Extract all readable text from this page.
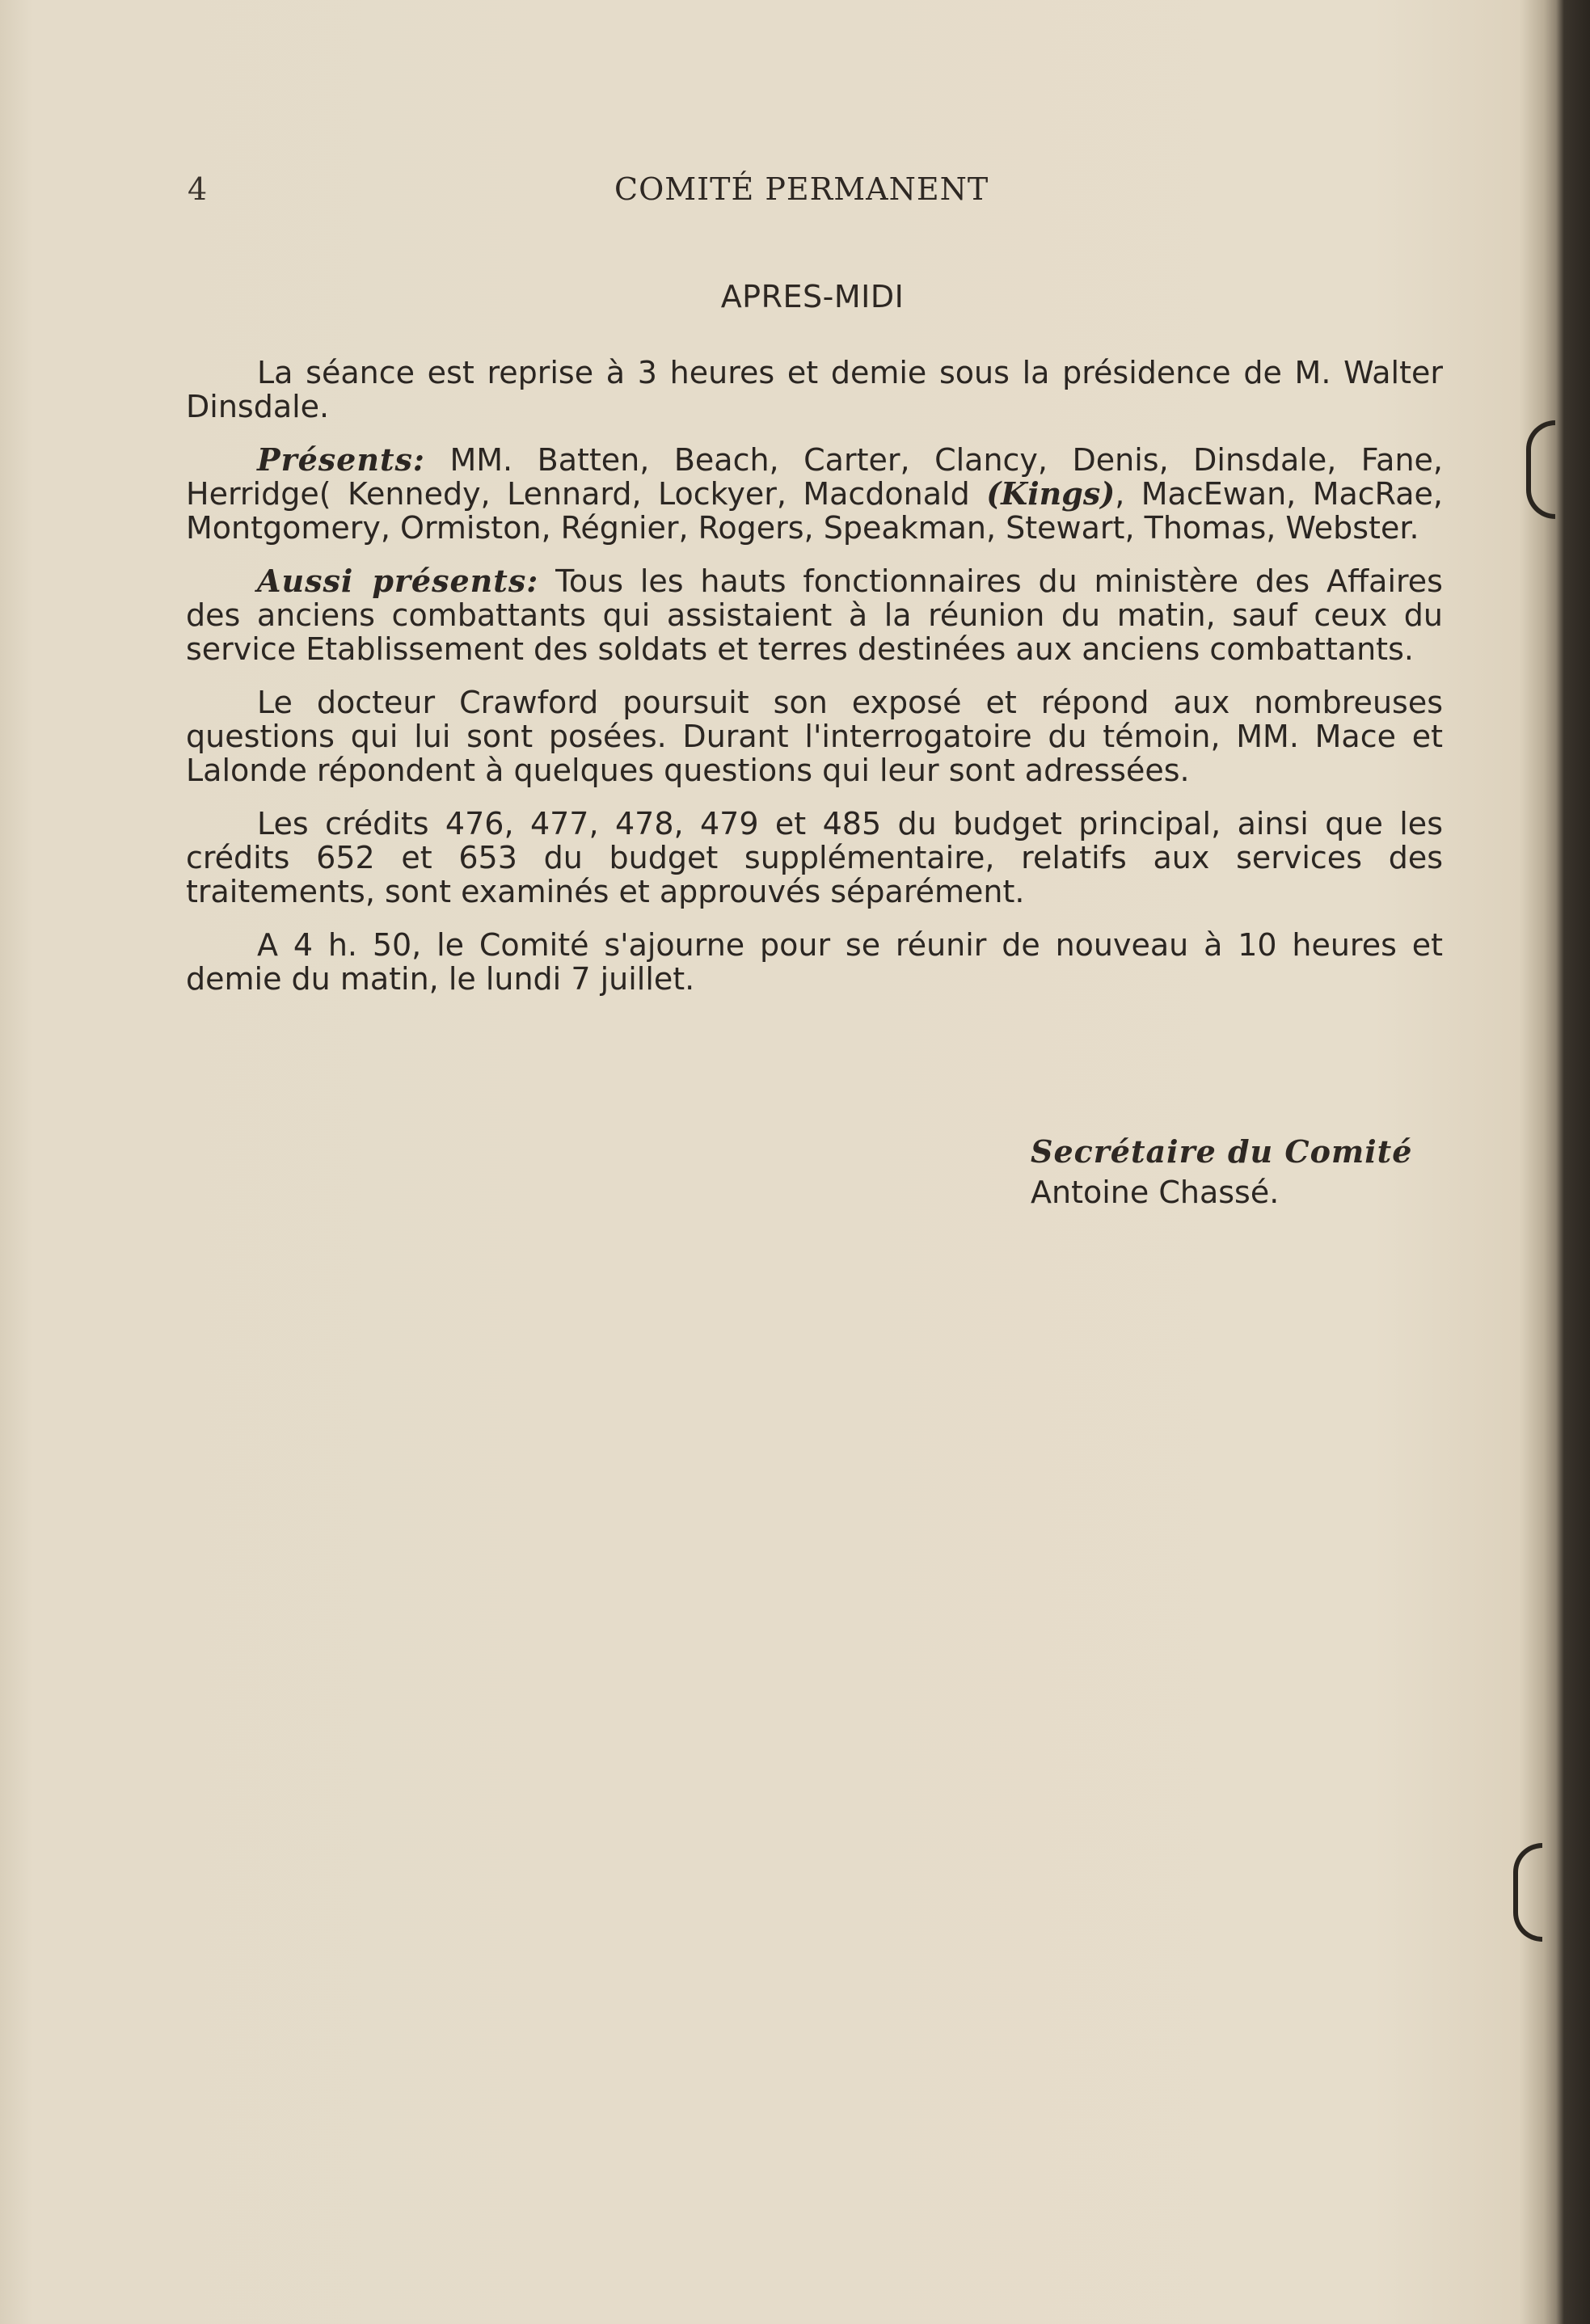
4	COMITÉ PERMANENT
APRES-MIDI

La séance est reprise à 3 heures et demie sous la présidence de M. Walter Dinsdale.

Présents: MM. Batten, Beach, Carter, Clancy, Denis, Dinsdale, Fane, Herridge( Kennedy, Lennard, Lockyer, Macdonald (Kings), MacEwan, MacRae, Montgomery, Ormiston, Régnier, Rogers, Speakman, Stewart, Thomas, Webster.

Aussi présents: Tous les hauts fonctionnaires du ministère des Affaires des anciens combattants qui assistaient à la réunion du matin, sauf ceux du service Etablissement des soldats et terres destinées aux anciens combattants.

Le docteur Crawford poursuit son exposé et répond aux nombreuses questions qui lui sont posées. Durant l'interrogatoire du témoin, MM. Mace et Lalonde répondent à quelques questions qui leur sont adressées.

Les crédits 476, 477, 478, 479 et 485 du budget principal, ainsi que les crédits 652 et 653 du budget supplémentaire, relatifs aux services des traitements, sont examinés et approuvés séparément.

A 4 h. 50, le Comité s'ajourne pour se réunir de nouveau à 10 heures et demie du matin, le lundi 7 juillet.

Secrétaire du Comité
Antoine Chassé.
